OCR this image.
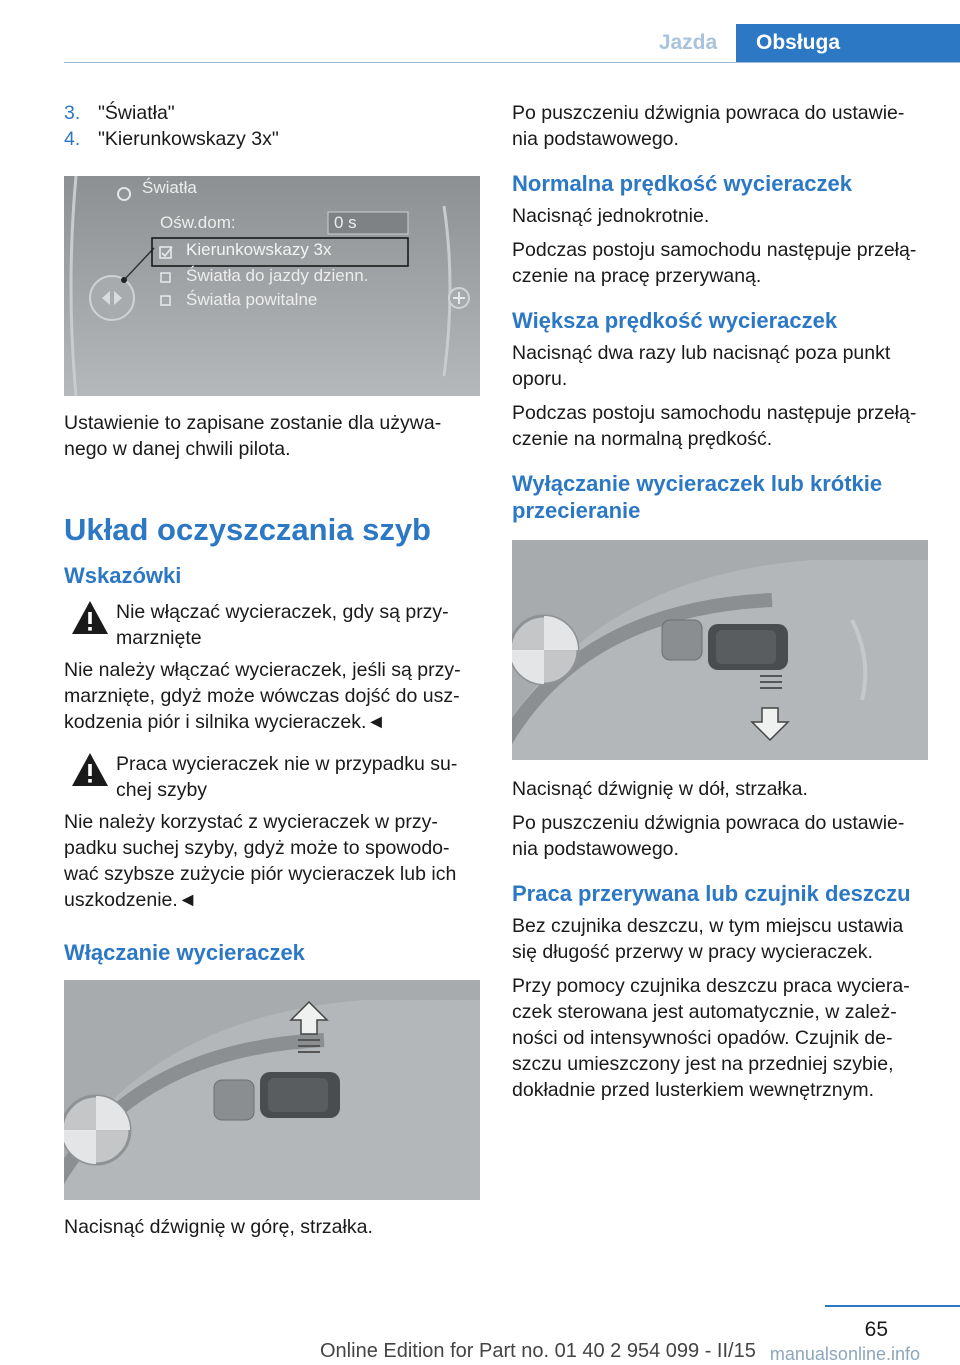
Jazda	Obsługa
3. "Światła"
4. "Kierunkowskazy 3x"
Światła
Ośw.dom:	0 s
Kierunkowskazy 3x
Światła do jazdy dzienn.
Światła powitalne

Ustawienie to zapisane zostanie dla używa-nego w danej chwili pilota.

Układ oczyszczania szyb
Wskazówki
Nie włączać wycieraczek, gdy są przy-marznięte

Nie należy włączać wycieraczek, jeśli są przy-marznięte, gdyż może wówczas dojść do usz-kodzenia piór i silnika wycieraczek.◄

Praca wycieraczek nie w przypadku su-chej szyby

Nie należy korzystać z wycieraczek w przy-padku suchej szyby, gdyż może to spowodo-wać szybsze zużycie piór wycieraczek lub ich uszkodzenie.◄

Włączanie wycieraczek

Nacisnąć dźwignię w górę, strzałka.

Po puszczeniu dźwignia powraca do ustawie-nia podstawowego.

Normalna prędkość wycieraczek

Nacisnąć jednokrotnie.

Podczas postoju samochodu następuje przełą-czenie na pracę przerywaną.

Większa prędkość wycieraczek

Nacisnąć dwa razy lub nacisnąć poza punkt oporu.

Podczas postoju samochodu następuje przełą-czenie na normalną prędkość.

Wyłączanie wycieraczek lub krótkie przecieranie

Nacisnąć dźwignię w dół, strzałka.

Po puszczeniu dźwignia powraca do ustawie-nia podstawowego.

Praca przerywana lub czujnik deszczu

Bez czujnika deszczu, w tym miejscu ustawia się długość przerwy w pracy wycieraczek.

Przy pomocy czujnika deszczu praca wyciera-czek sterowana jest automatycznie, w zależ-ności od intensywności opadów. Czujnik de-szczu umieszczony jest na przedniej szybie, dokładnie przed lusterkiem wewnętrznym.

65
Online Edition for Part no. 01 40 2 954 099 - II/15 manualsonline.info
